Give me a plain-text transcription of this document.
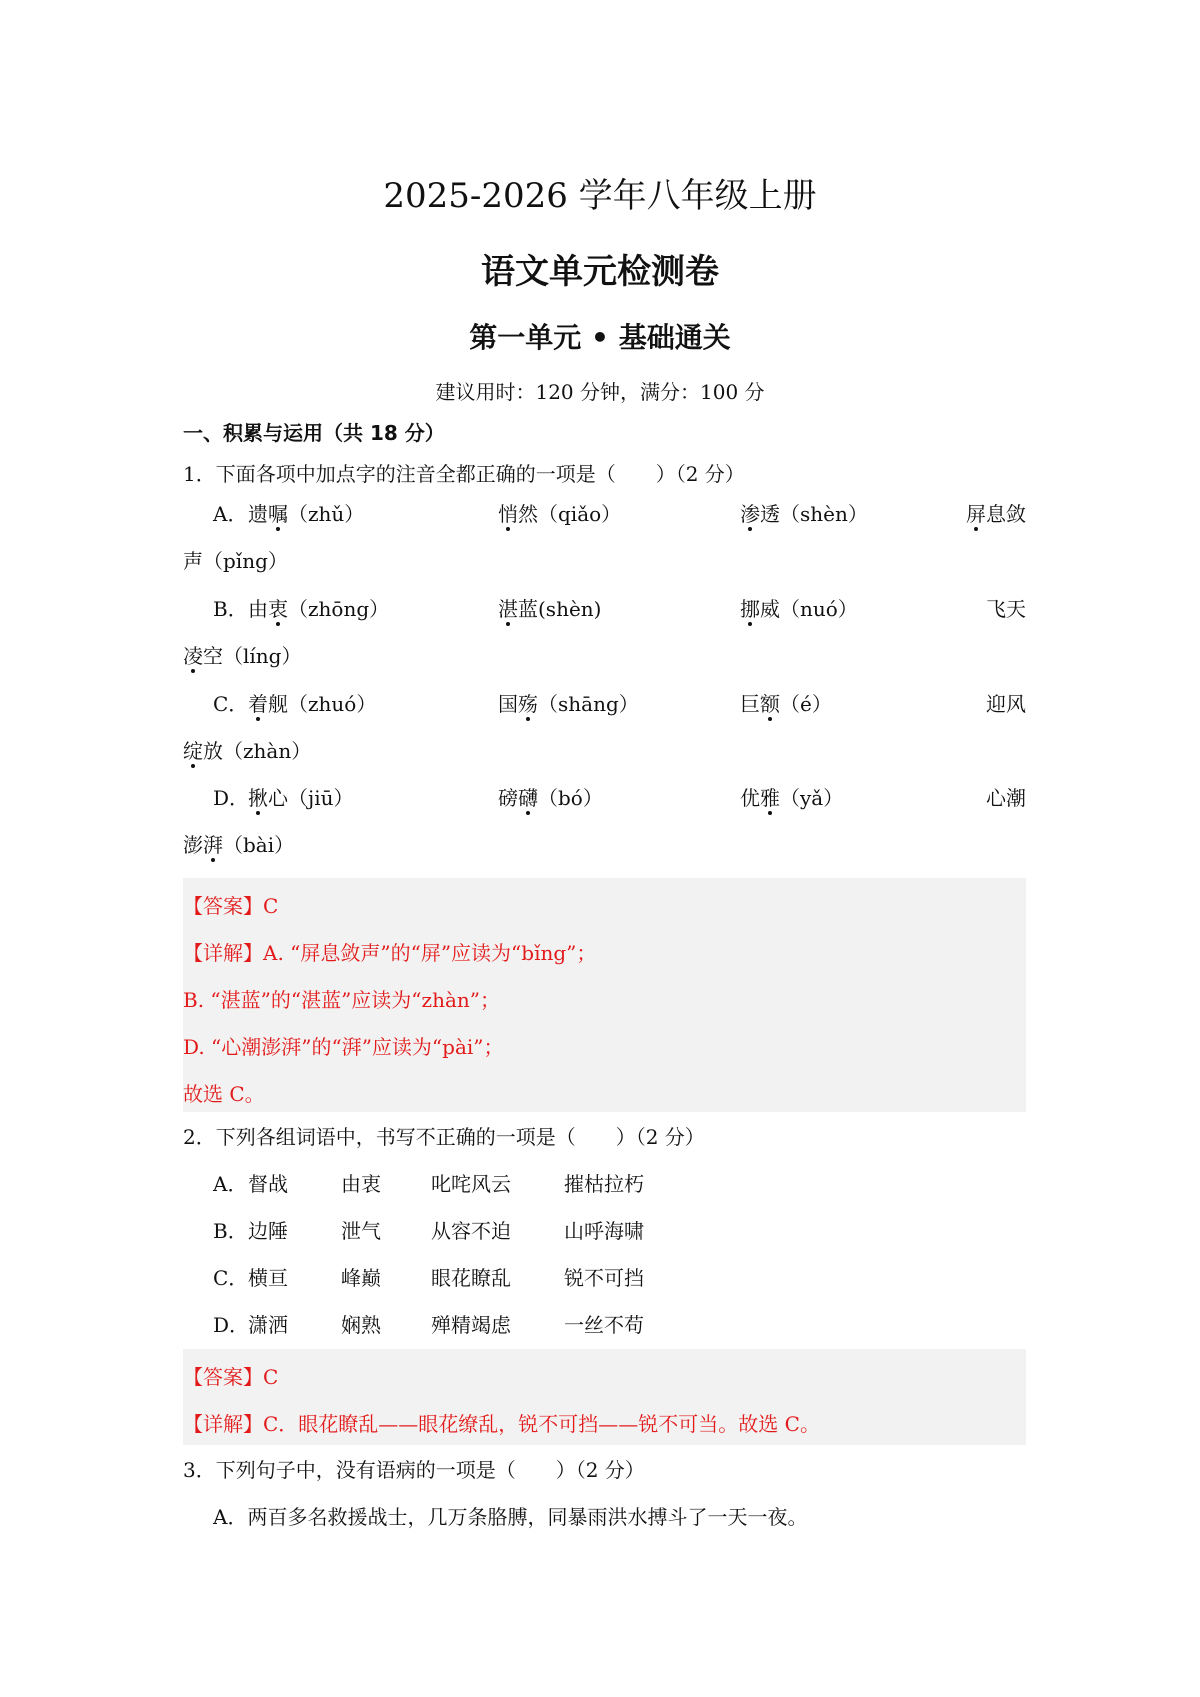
2025-2026 学年八年级上册
语文单元检测卷
第一单元 • 基础通关
建议用时：120 分钟，满分：100 分
一、积累与运用（共 18 分）
1．下面各项中加点字的注音全都正确的一项是（　　）（2 分）
A． 遗嘱（zhǔ）	悄然（qiǎo）	渗透（shèn）	屏息敛
声（pǐng）
B． 由衷（zhōng）	湛蓝(shèn)	挪威（nuó）	飞天
凌空（líng）
C． 着舰（zhuó）	国殇（shāng）	巨额（é）	迎风
绽放（zhàn）
D．
揪心（jiū）	磅礴（bó）	优雅（yǎ）	心潮
澎湃（bài）
【答案】C
【详解】A. “屏息敛声”的“屏”应读为“bǐng”；
B. “湛蓝”的“湛蓝”应读为“zhàn”；
D. “心潮澎湃”的“湃”应读为“pài”；
故选 C。
2．下列各组词语中，书写不正确的一项是（　　）（2 分）
A． 督战	由衷	叱咤风云	摧枯拉朽
B． 边陲	泄气	从容不迫	山呼海啸
C． 横亘	峰巅	眼花瞭乱	锐不可挡
D．
潇洒	娴熟	殚精竭虑	一丝不苟
【答案】C
【详解】C．眼花瞭乱——眼花缭乱，锐不可挡——锐不可当。故选 C。
3．下列句子中，没有语病的一项是（　　）（2 分）
A．两百多名救援战士，几万条胳膊，同暴雨洪水搏斗了一天一夜。
